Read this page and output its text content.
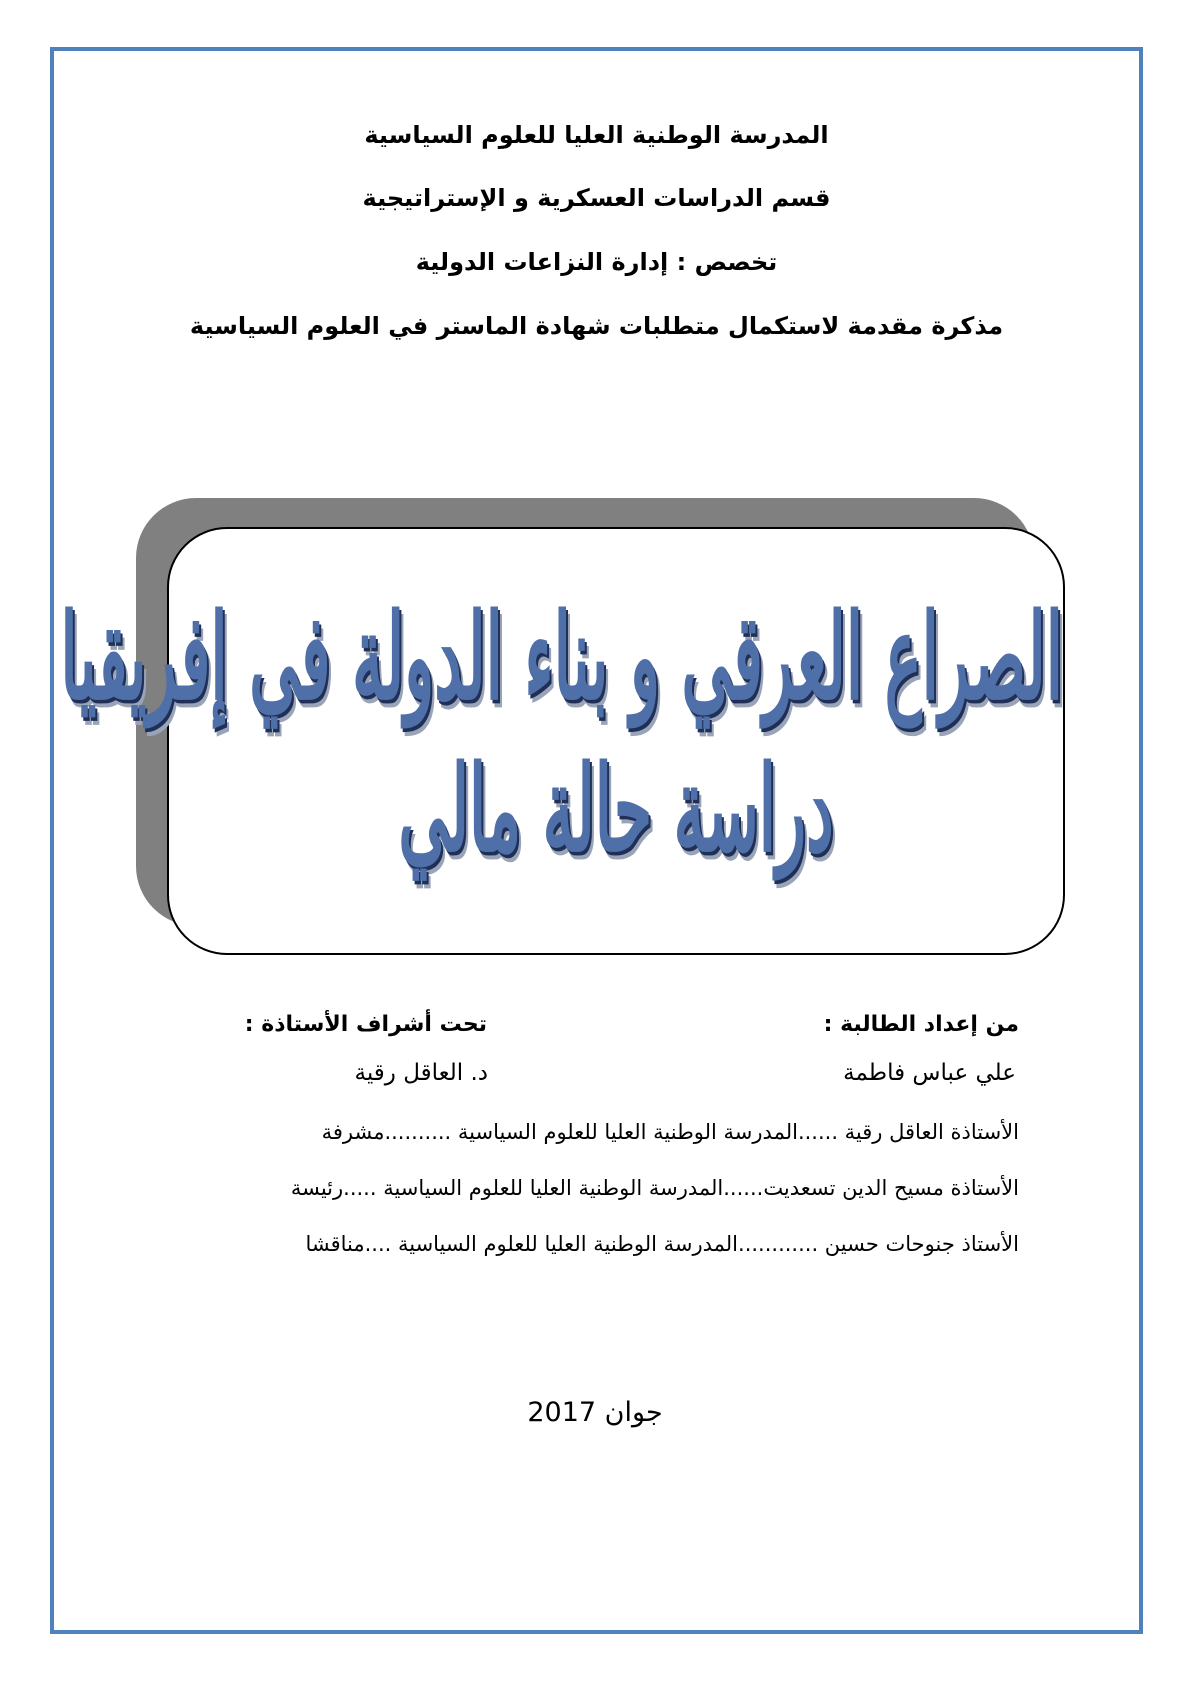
المدرسة الوطنية العليا للعلوم السياسية
قسم الدراسات العسكرية و الإستراتيجية
تخصص : إدارة النزاعات الدولية
مذكرة مقدمة لاستكمال متطلبات شهادة الماستر في العلوم السياسية
الصراع العرقي و بناء الدولة في إفريقيا
دراسة حالة مالي
من إعداد الطالبة :
تحت أشراف الأستاذة :
علي عباس فاطمة
د. العاقل رقية
الأستاذة العاقل رقية ......المدرسة الوطنية العليا للعلوم السياسية ..........مشرفة
الأستاذة مسيح الدين تسعديت......المدرسة الوطنية العليا للعلوم السياسية .....رئيسة
الأستاذ جنوحات حسين ............المدرسة الوطنية العليا للعلوم السياسية ....مناقشا
جوان 2017
